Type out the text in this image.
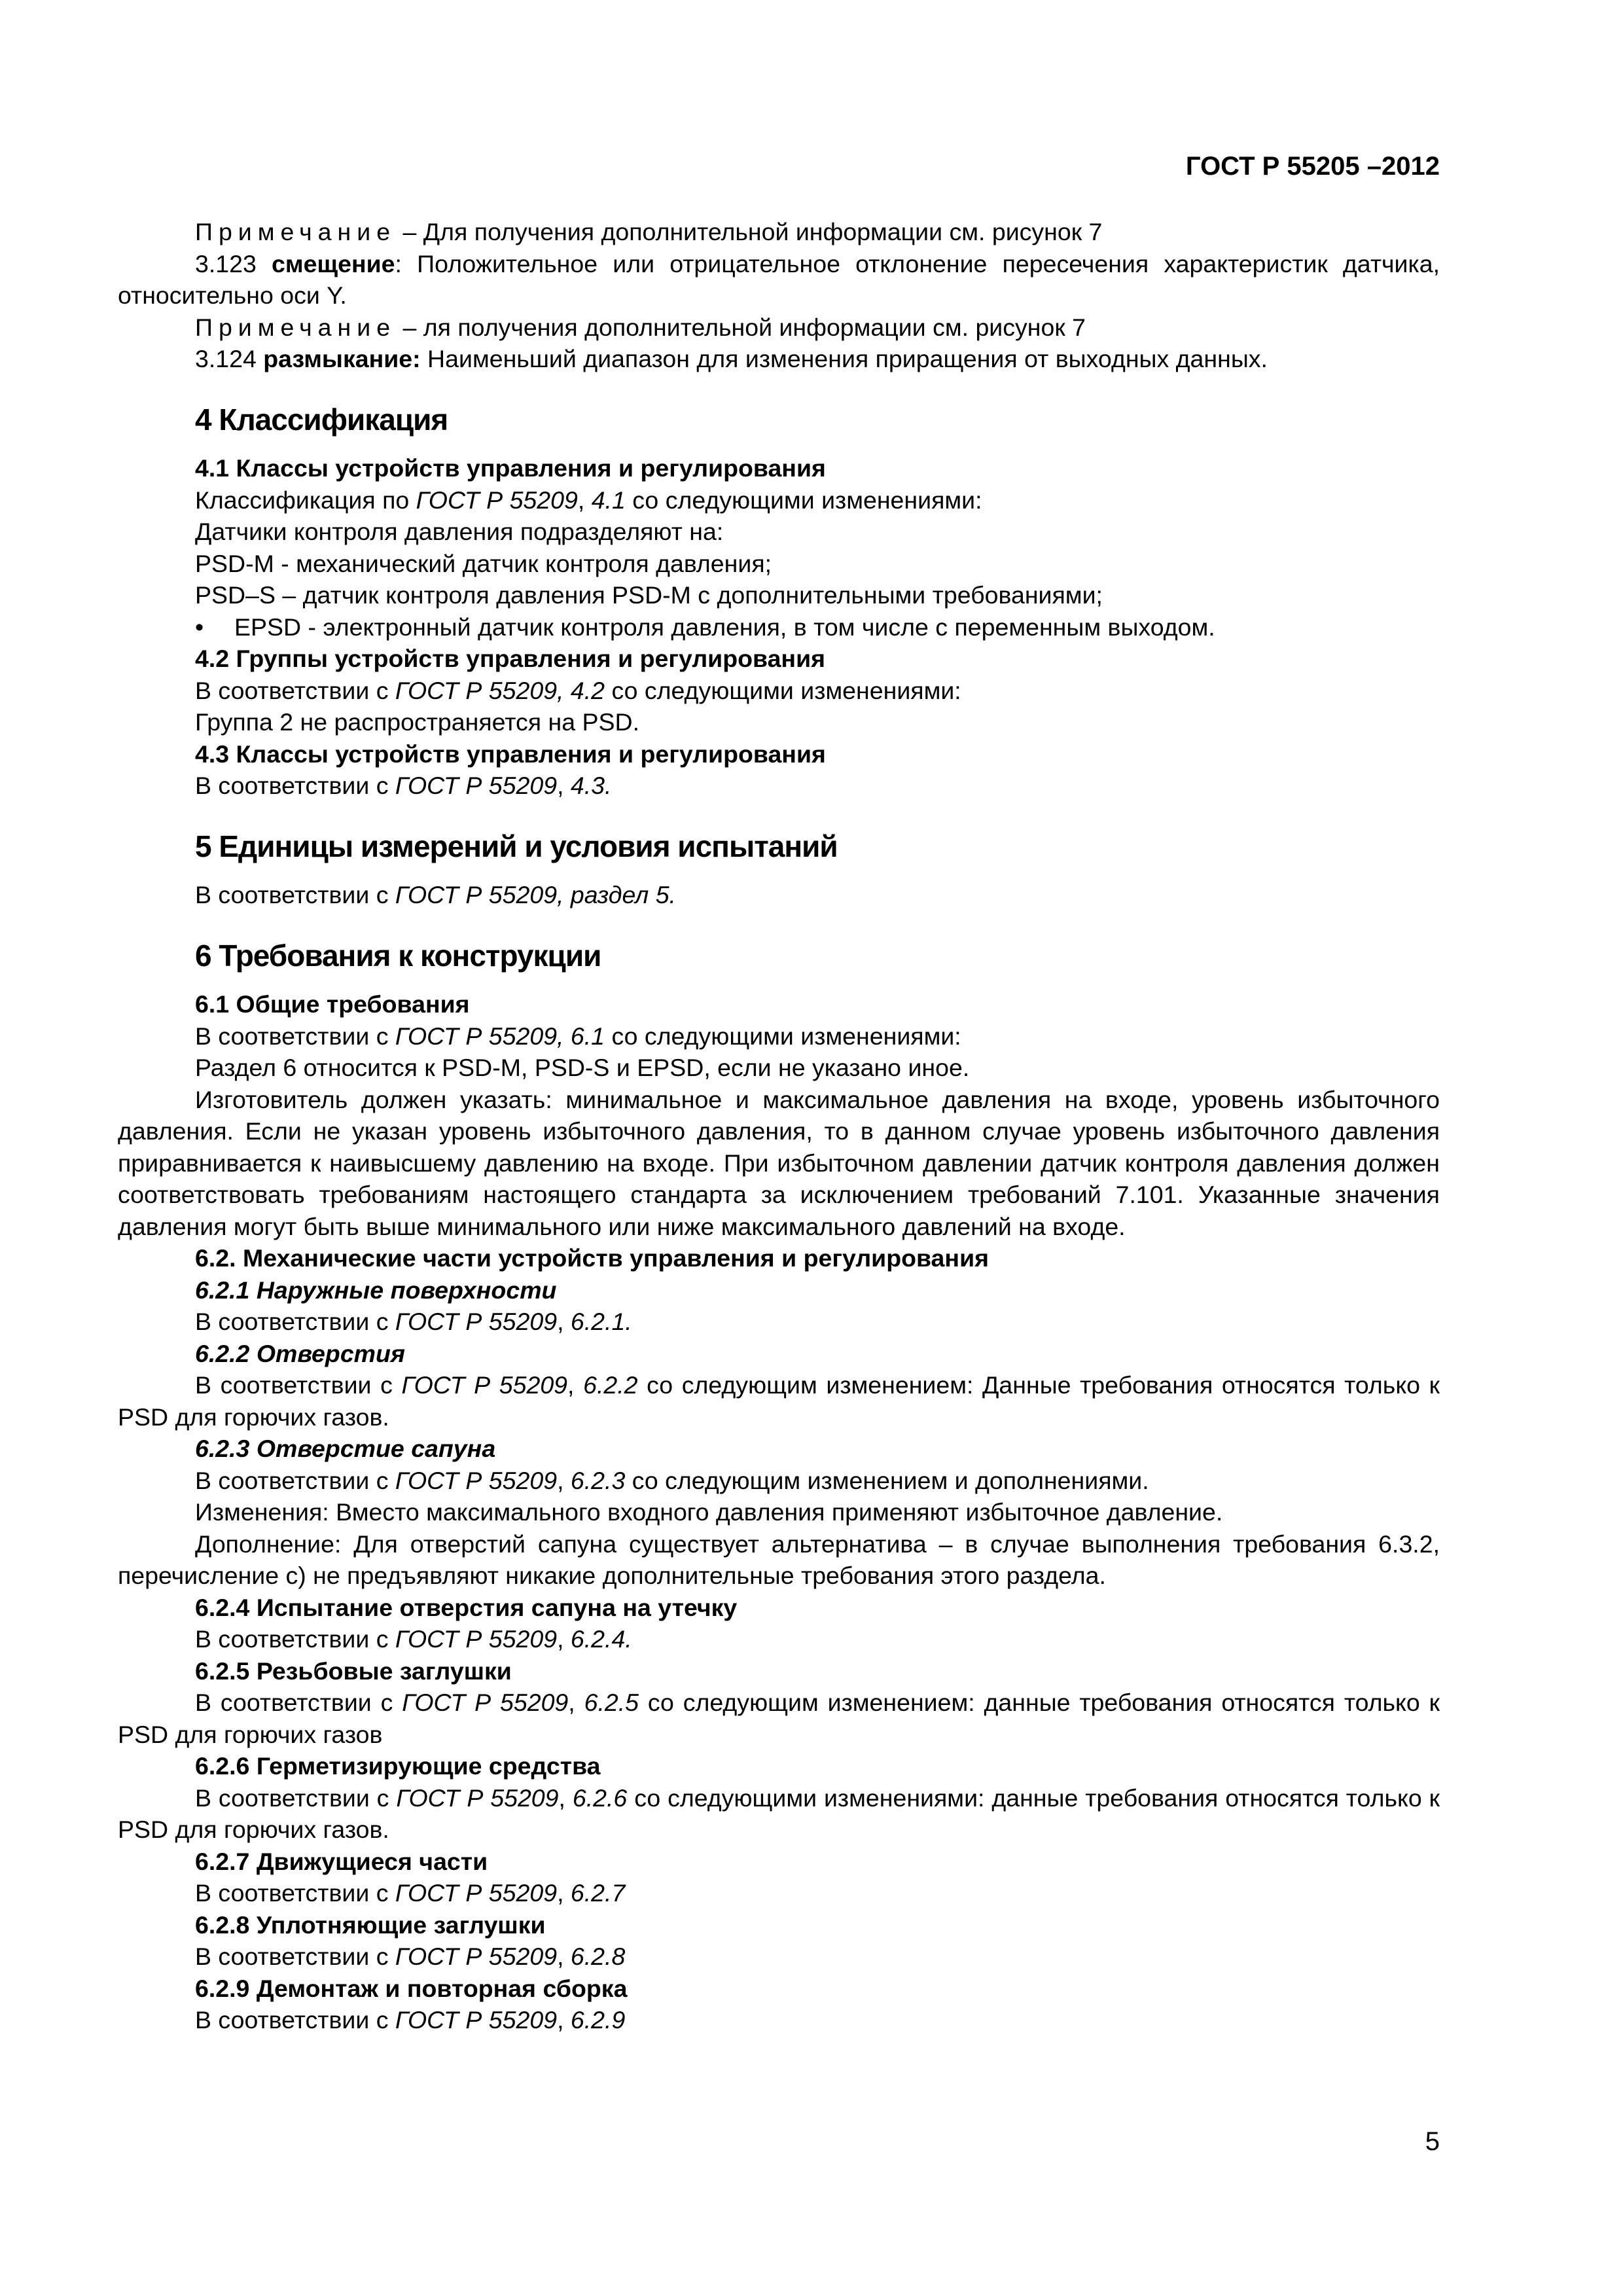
ГОСТ Р 55205 –2012

Примечание – Для получения дополнительной информации см. рисунок 7

3.123 смещение: Положительное или отрицательное отклонение пересечения характеристик датчика, относительно оси Y.

Примечание – ля получения дополнительной информации см. рисунок 7

3.124 размыкание: Наименьший диапазон для изменения приращения от выходных данных.

4 Классификация

4.1 Классы устройств управления и регулирования

Классификация по ГОСТ Р 55209, 4.1 со следующими изменениями:

Датчики контроля давления подразделяют на:

PSD-M - механический датчик контроля давления;

PSD–S – датчик контроля давления PSD-M с дополнительными требованиями;

• EPSD - электронный датчик контроля давления, в том числе с переменным выходом.

4.2 Группы устройств управления и регулирования

В соответствии с ГОСТ Р 55209, 4.2 со следующими изменениями:

Группа 2 не распространяется на PSD.

4.3 Классы устройств управления и регулирования

В соответствии с ГОСТ Р 55209, 4.3.

5 Единицы измерений и условия испытаний

В соответствии с ГОСТ Р 55209, раздел 5.

6 Требования к конструкции

6.1 Общие требования

В соответствии с ГОСТ Р 55209, 6.1 со следующими изменениями:

Раздел 6 относится к PSD-M, PSD-S и EPSD, если не указано иное.

Изготовитель должен указать: минимальное и максимальное давления на входе, уровень избыточного давления. Если не указан уровень избыточного давления, то в данном случае уровень избыточного давления приравнивается к наивысшему давлению на входе. При избыточном давлении датчик контроля давления должен соответствовать требованиям настоящего стандарта за исключением требований 7.101. Указанные значения давления могут быть выше минимального или ниже максимального давлений на входе.

6.2. Механические части устройств управления и регулирования

6.2.1 Наружные поверхности

В соответствии с ГОСТ Р 55209, 6.2.1.

6.2.2 Отверстия

В соответствии с ГОСТ Р 55209, 6.2.2 со следующим изменением: Данные требования относятся только к PSD для горючих газов.

6.2.3 Отверстие сапуна

В соответствии с ГОСТ Р 55209, 6.2.3 со следующим изменением и дополнениями.

Изменения: Вместо максимального входного давления применяют избыточное давление.

Дополнение: Для отверстий сапуна существует альтернатива – в случае выполнения требования 6.3.2, перечисление с) не предъявляют никакие дополнительные требования этого раздела.

6.2.4 Испытание отверстия сапуна на утечку

В соответствии с ГОСТ Р 55209, 6.2.4.

6.2.5 Резьбовые заглушки

В соответствии с ГОСТ Р 55209, 6.2.5 со следующим изменением: данные требования относятся только к PSD для горючих газов

6.2.6 Герметизирующие средства

В соответствии с ГОСТ Р 55209, 6.2.6 со следующими изменениями: данные требования относятся только к PSD для горючих газов.

6.2.7 Движущиеся части

В соответствии с ГОСТ Р 55209, 6.2.7

6.2.8 Уплотняющие заглушки

В соответствии с ГОСТ Р 55209, 6.2.8

6.2.9 Демонтаж и повторная сборка

В соответствии с ГОСТ Р 55209, 6.2.9

5
